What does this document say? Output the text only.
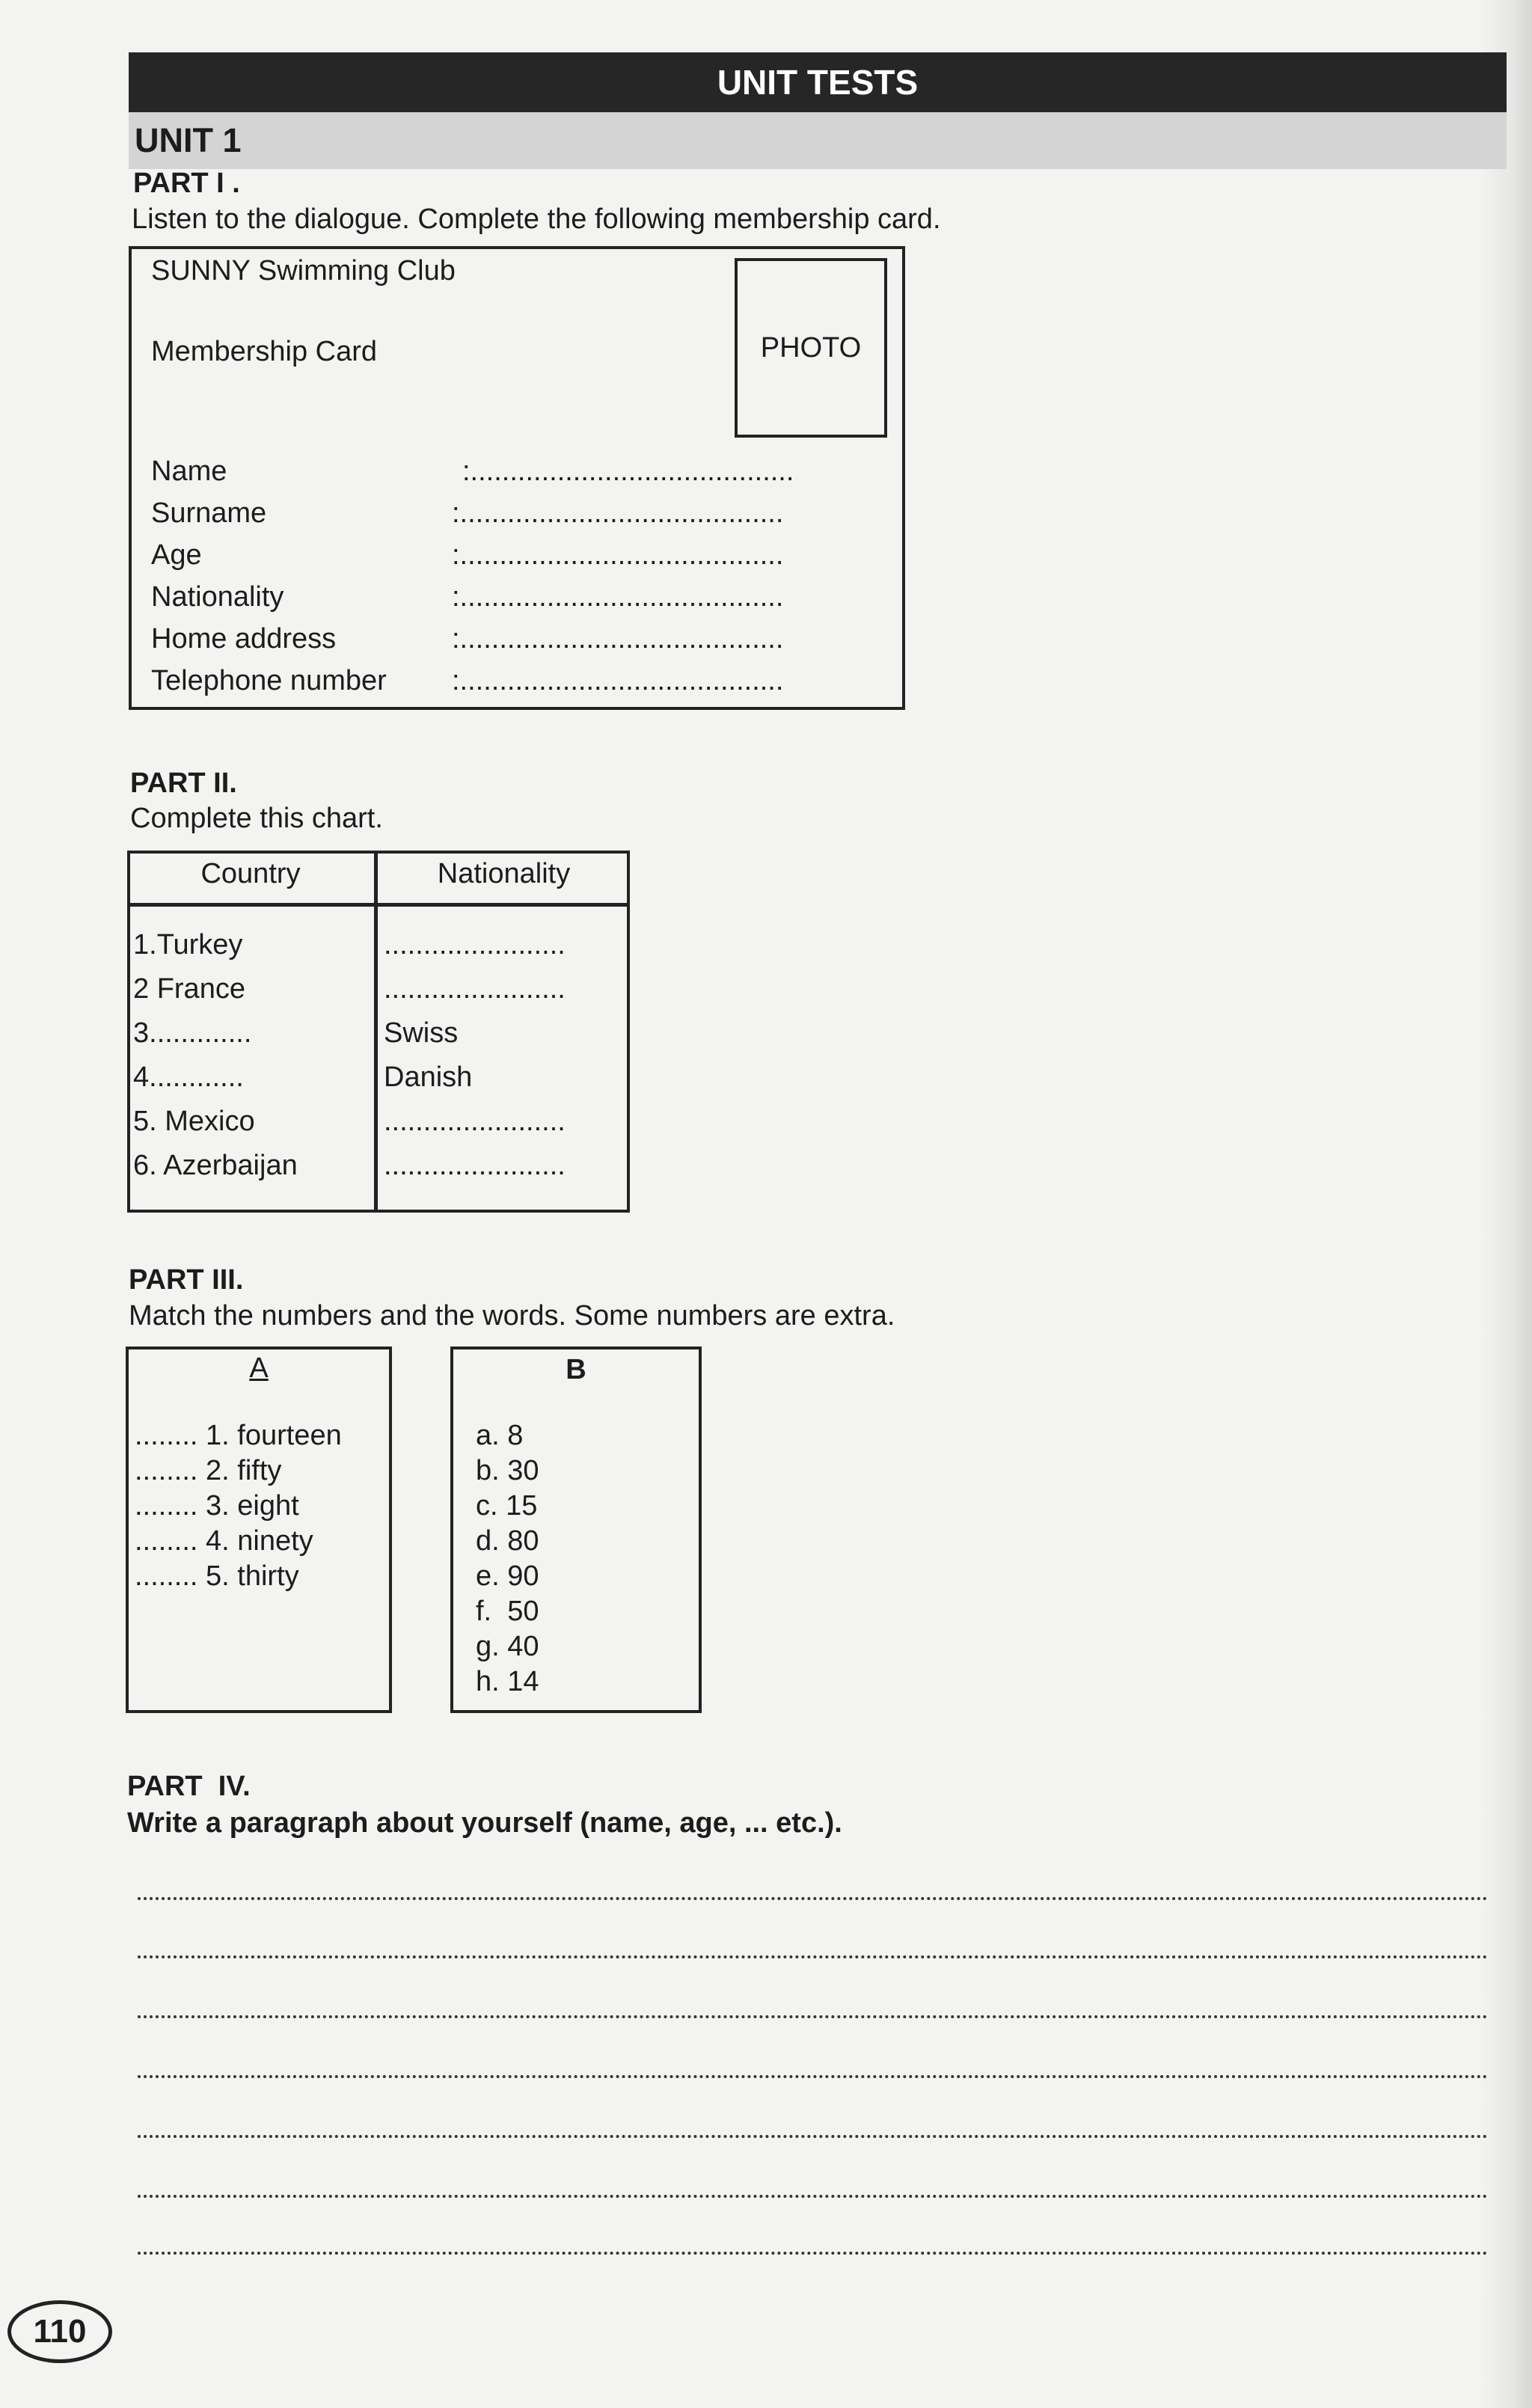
UNIT TESTS
UNIT 1
PART I .
Listen to the dialogue. Complete the following membership card.
SUNNY Swimming Club
Membership Card	PHOTO
Name	:.........................................
Surname	:.........................................
Age	:.........................................
Nationality	:.........................................
Home address	:.........................................
Telephone number :.........................................
PART II.
Complete this chart.
Country	Nationality
1.Turkey	.......................
2 France	.......................
3.............	Swiss
4............	Danish
5. Mexico	.......................
6. Azerbaijan	.......................
PART III.
Match the numbers and the words. Some numbers are extra.
A
........ 1. fourteen
........ 2. fifty
........ 3. eight
........ 4. ninety
........ 5. thirty
B
a. 8
b. 30
c. 15
d. 80
e. 90
f.  50
g. 40
h. 14
PART  IV.
Write a paragraph about yourself (name, age, ... etc.).
110
